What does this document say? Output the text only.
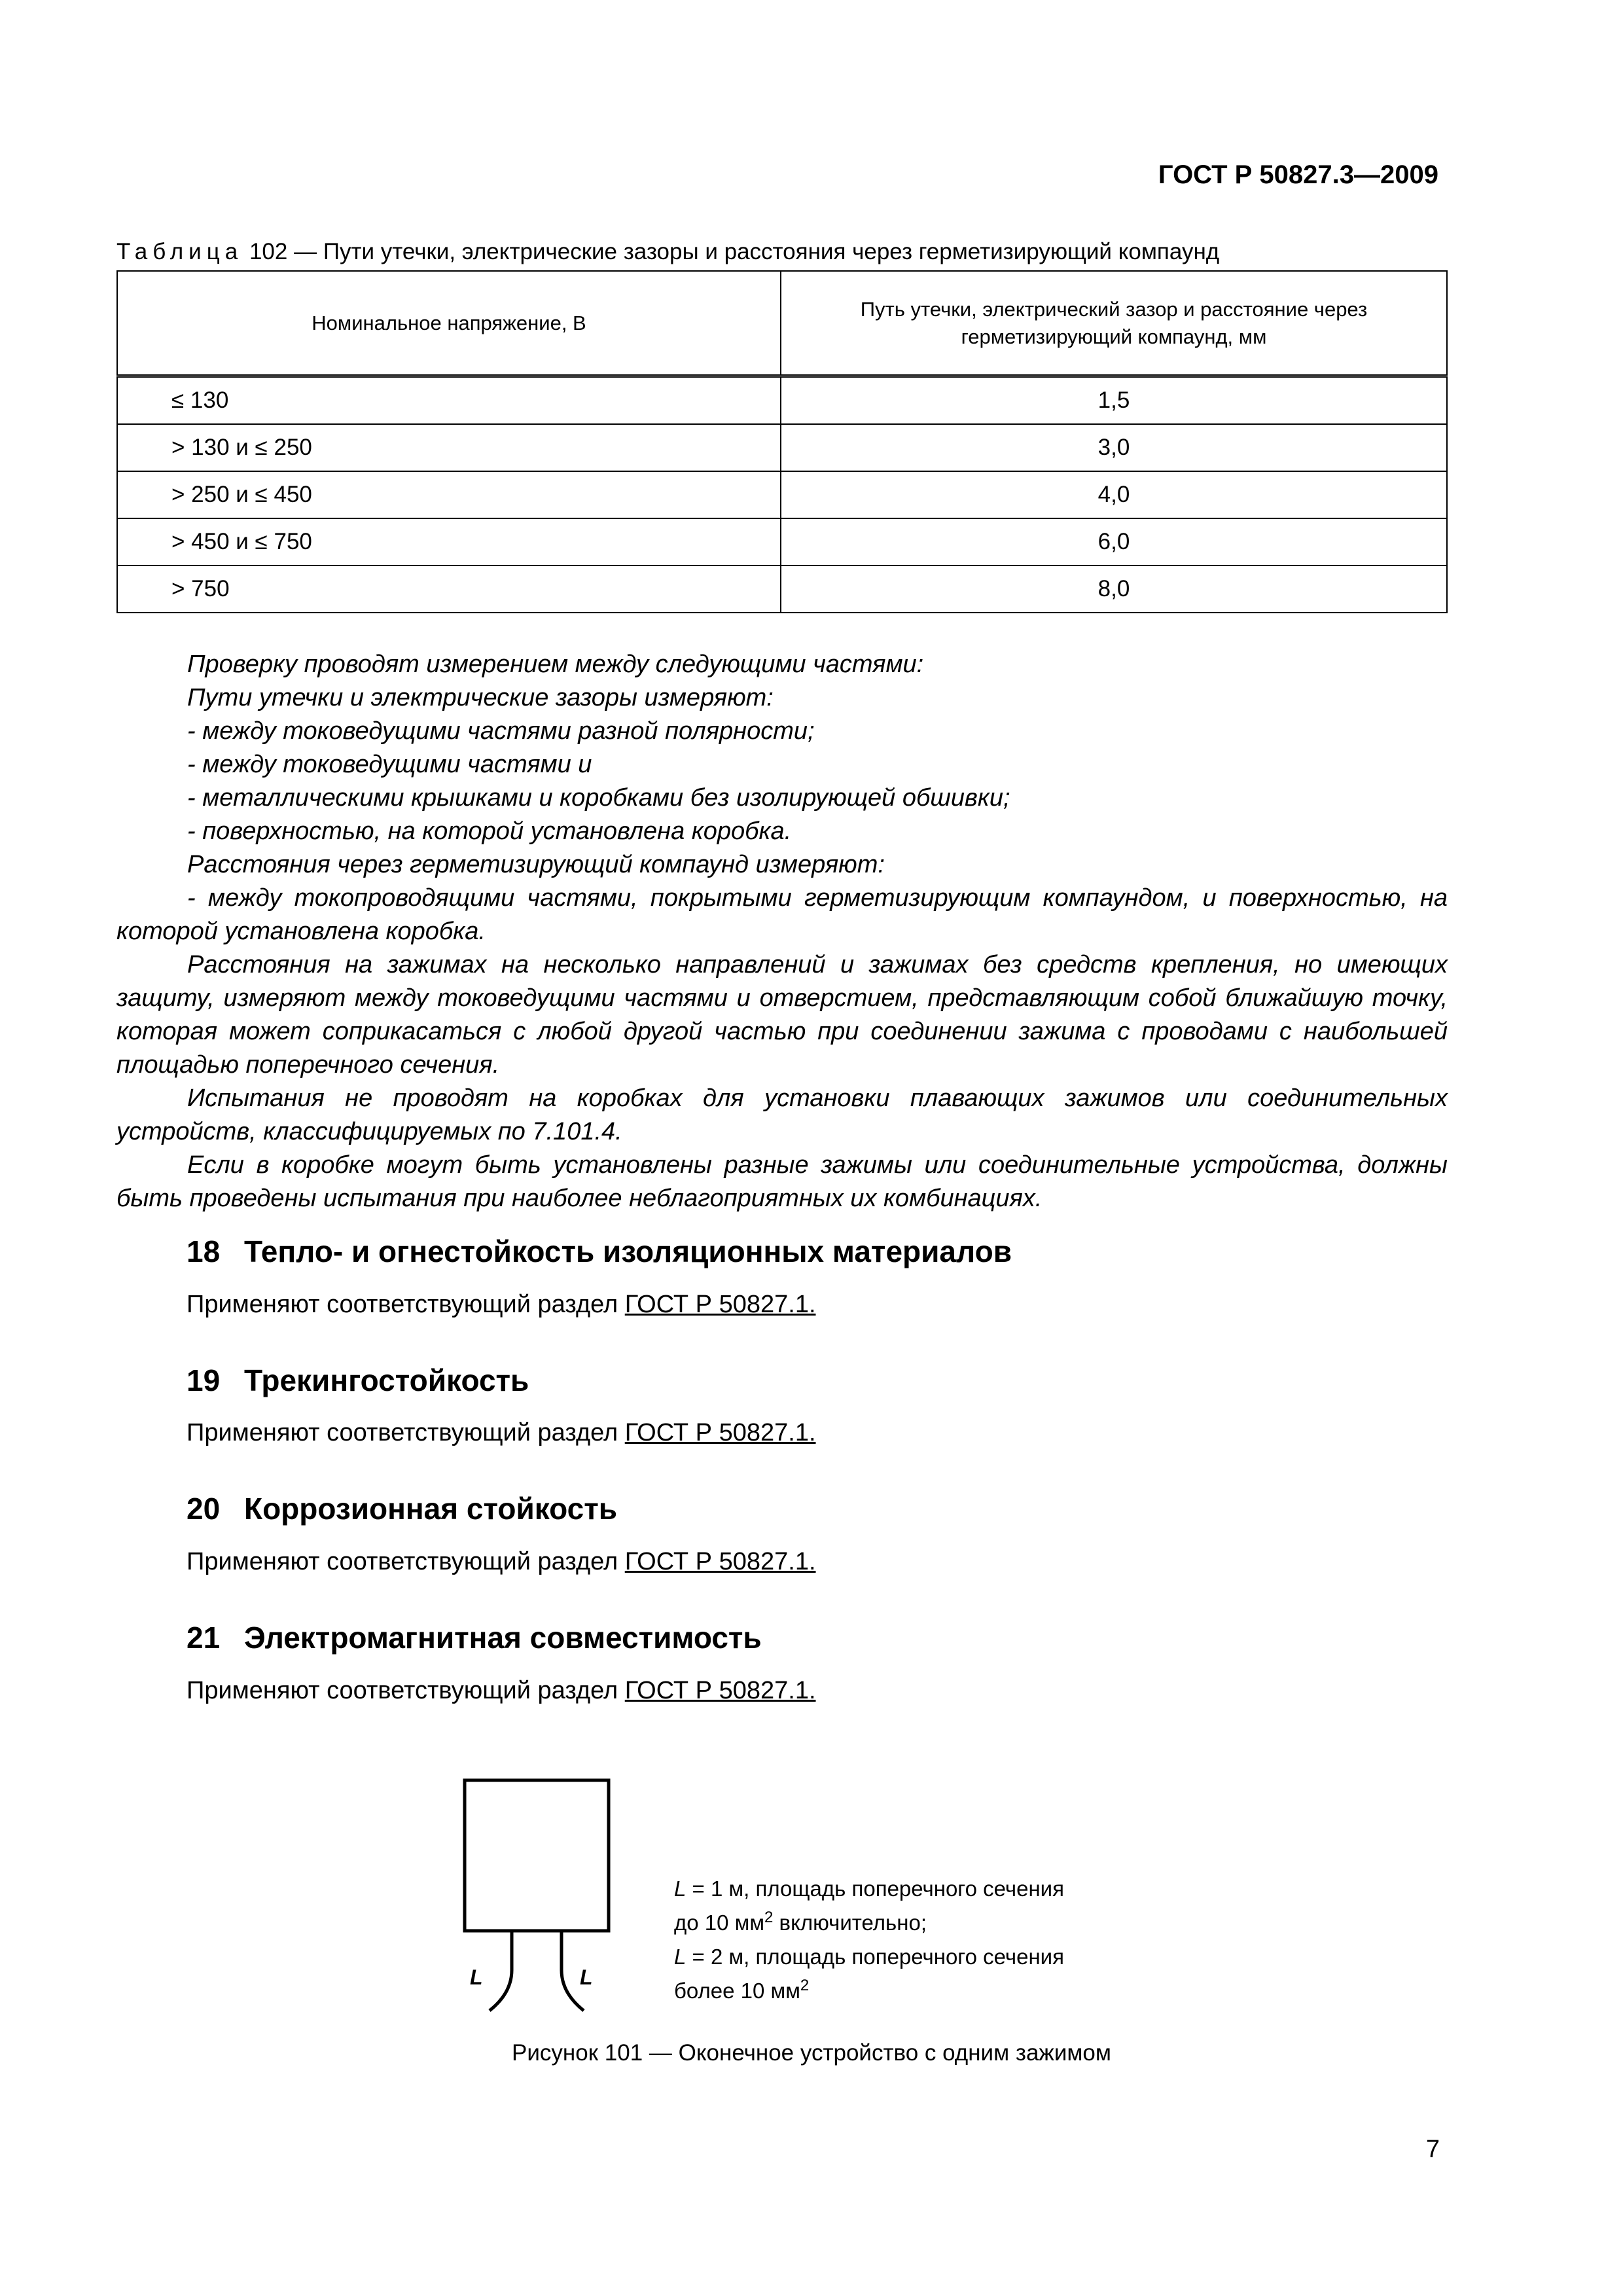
ГОСТ Р 50827.3—2009
Таблица 102 — Пути утечки, электрические зазоры и расстояния через герметизирующий компаунд
Номинальное напряжение, В	Путь утечки, электрический зазор и расстояние через герметизирующий компаунд, мм

≤ 130	1,5
> 130 и ≤ 250	3,0
> 250 и ≤ 450	4,0
> 450 и ≤ 750	6,0
> 750	8,0

Проверку проводят измерением между следующими частями:

Пути утечки и электрические зазоры измеряют:

- между токоведущими частями разной полярности;

- между токоведущими частями и

- металлическими крышками и коробками без изолирующей обшивки;

- поверхностью, на которой установлена коробка.

Расстояния через герметизирующий компаунд измеряют:

- между токопроводящими частями, покрытыми герметизирующим компаундом, и поверхностью, на которой установлена коробка.

Расстояния на зажимах на несколько направлений и зажимах без средств крепления, но имеющих защиту, измеряют между токоведущими частями и отверстием, представляющим собой ближайшую точку, которая может соприкасаться с любой другой частью при соединении зажима с проводами с наибольшей площадью поперечного сечения.

Испытания не проводят на коробках для установки плавающих зажимов или соединительных устройств, классифицируемых по 7.101.4.

Если в коробке могут быть установлены разные зажимы или соединительные устройства, должны быть проведены испытания при наиболее неблагоприятных их комбинациях.

18 Тепло- и огнестойкость изоляционных материалов
Применяют соответствующий раздел ГОСТ Р 50827.1.
19 Трекингостойкость
Применяют соответствующий раздел ГОСТ Р 50827.1.
20 Коррозионная стойкость
Применяют соответствующий раздел ГОСТ Р 50827.1.
21 Электромагнитная совместимость
Применяют соответствующий раздел ГОСТ Р 50827.1.
L	L
L = 1 м, площадь поперечного сечения
до 10 $мм^2$ включительно;
L = 2 м, площадь поперечного сечения
более 10 $мм^2$
Рисунок 101 — Оконечное устройство с одним зажимом
7
